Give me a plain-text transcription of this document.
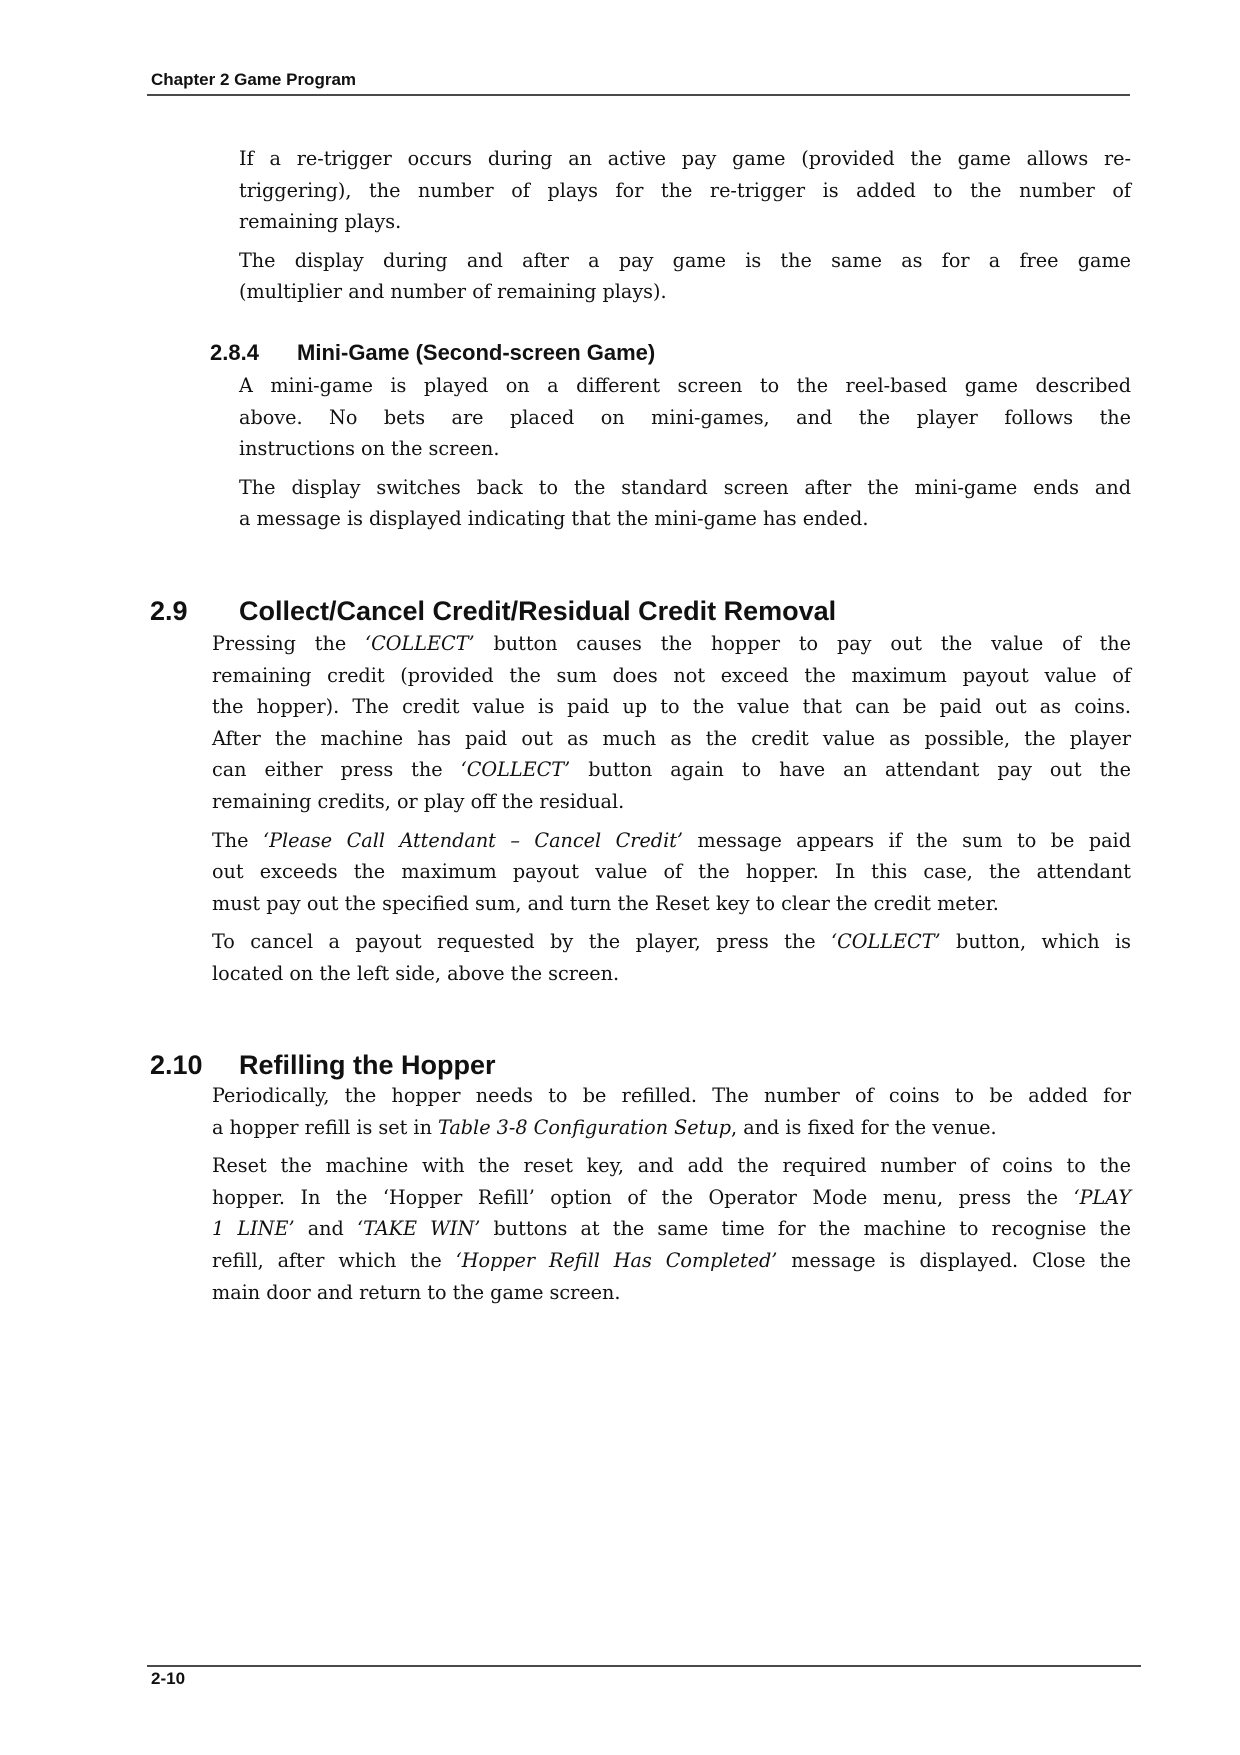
Chapter 2 Game Program

If a re-trigger occurs during an active pay game (provided the game allows re-
triggering), the number of plays for the re-trigger is added to the number of
remaining plays.

The display during and after a pay game is the same as for a free game
(multiplier and number of remaining plays).

2.8.4 Mini-Game (Second-screen Game)

A mini-game is played on a different screen to the reel-based game described
above. No bets are placed on mini-games, and the player follows the
instructions on the screen.

The display switches back to the standard screen after the mini-game ends and
a message is displayed indicating that the mini-game has ended.

2.9 Collect/Cancel Credit/Residual Credit Removal

Pressing the ‘COLLECT’ button causes the hopper to pay out the value of the
remaining credit (provided the sum does not exceed the maximum payout value of
the hopper). The credit value is paid up to the value that can be paid out as coins.
After the machine has paid out as much as the credit value as possible, the player
can either press the ‘COLLECT’ button again to have an attendant pay out the
remaining credits, or play off the residual.

The ‘Please Call Attendant – Cancel Credit’ message appears if the sum to be paid
out exceeds the maximum payout value of the hopper. In this case, the attendant
must pay out the specified sum, and turn the Reset key to clear the credit meter.

To cancel a payout requested by the player, press the ‘COLLECT’ button, which is
located on the left side, above the screen.

2.10 Refilling the Hopper

Periodically, the hopper needs to be refilled. The number of coins to be added for
a hopper refill is set in Table 3-8 Configuration Setup, and is fixed for the venue.

Reset the machine with the reset key, and add the required number of coins to the
hopper. In the ‘Hopper Refill’ option of the Operator Mode menu, press the ‘PLAY
1 LINE’ and ‘TAKE WIN’ buttons at the same time for the machine to recognise the
refill, after which the ‘Hopper Refill Has Completed’ message is displayed. Close the
main door and return to the game screen.

2-10
